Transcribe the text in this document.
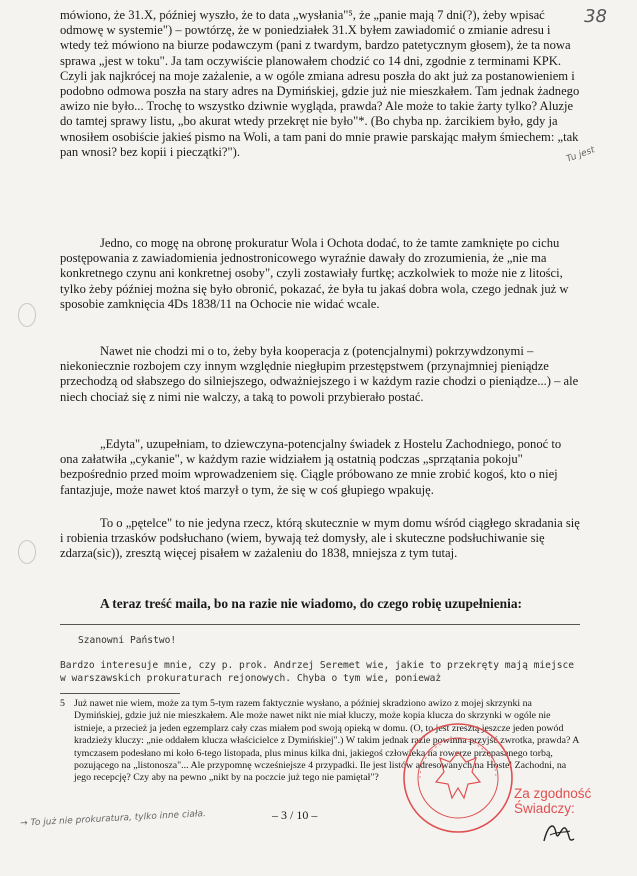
38
mówiono, że 31.X, później wyszło, że to data „wysłania"⁵, że „panie mają 7 dni(?), żeby wpisać odmowę w systemie") – powtórzę, że w poniedziałek 31.X byłem zawiadomić o zmianie adresu i wtedy też mówiono na biurze podawczym (pani z twardym, bardzo patetycznym głosem), że ta nowa sprawa „jest w toku". Ja tam oczywiście planowałem chodzić co 14 dni, zgodnie z terminami KPK. Czyli jak najkrócej na moje zażalenie, a w ogóle zmiana adresu poszła do akt już za postanowieniem i podobno odmowa poszła na stary adres na Dymińskiej, gdzie już nie mieszkałem. Tam jednak żadnego awizo nie było... Trochę to wszystko dziwnie wygląda, prawda? Ale może to takie żarty tylko? Aluzje do tamtej sprawy listu, „bo akurat wtedy przekręt nie było"*. (Bo chyba np. żarcikiem było, gdy ja wnosiłem osobiście jakieś pismo na Woli, a tam pani do mnie prawie parskając małym śmiechem: „tak pan wnosi? bez kopii i pieczątki?").
Jedno, co mogę na obronę prokuratur Wola i Ochota dodać, to że tamte zamknięte po cichu postępowania z zawiadomienia jednostronicowego wyraźnie dawały do zrozumienia, że „nie ma konkretnego czynu ani konkretnej osoby", czyli zostawiały furtkę; aczkolwiek to może nie z litości, tylko żeby później można się było obronić, pokazać, że była tu jakaś dobra wola, czego jednak już w sposobie zamknięcia 4Ds 1838/11 na Ochocie nie widać wcale.
Nawet nie chodzi mi o to, żeby była kooperacja z (potencjalnymi) pokrzywdzonymi – niekoniecznie rozbojem czy innym względnie niegłupim przestępstwem (przynajmniej pieniądze przechodzą od słabszego do silniejszego, odważniejszego i w każdym razie chodzi o pieniądze...) – ale niech chociaż się z nimi nie walczy, a taką to powoli przybierało postać.
„Edyta", uzupełniam, to dziewczyna-potencjalny świadek z Hostelu Zachodniego, ponoć to ona załatwiła „cykanie", w każdym razie widziałem ją ostatnią podczas „sprzątania pokoju" bezpośrednio przed moim wprowadzeniem się. Ciągle próbowano ze mnie zrobić kogoś, kto o niej fantazjuje, może nawet ktoś marzył o tym, że się w coś głupiego wpakuję.
To o „pętelce" to nie jedyna rzecz, którą skutecznie w mym domu wśród ciągłego skradania się i robienia trzasków podsłuchano (wiem, bywają też domysły, ale i skuteczne podsłuchiwanie się zdarza(sic)), zresztą więcej pisałem w zażaleniu do 1838, mniejsza z tym tutaj.
A teraz treść maila, bo na razie nie wiadomo, do czego robię uzupełnienia:
Szanowni Państwo!
Bardzo interesuje mnie, czy p. prok. Andrzej Seremet wie, jakie to przekręty mają miejsce w warszawskich prokuraturach rejonowych. Chyba o tym wie, ponieważ
5 Już nawet nie wiem, może za tym 5-tym razem faktycznie wysłano, a później skradziono awizo z mojej skrzynki na Dymińskiej, gdzie już nie mieszkałem. Ale może nawet nikt nie miał kluczy, może kopia klucza do skrzynki w ogóle nie istnieje, a przecież ja jeden egzemplarz cały czas miałem pod swoją opieką w domu. (O, to jest zresztą jeszcze jeden powód kradzieży kluczy: „nie oddałem klucza właścicielce z Dymińskiej".) W takim jednak razie powinna przyjść zwrotka, prawda? A tymczasem podesłano mi koło 6-tego listopada, plus minus kilka dni, jakiegoś człowieka na rowerze przepasanego torbą, pozującego na „listonosza"... Ale przypomnę wcześniejsze 4 przypadki. Ile jest listów adresowanych na Hostel Zachodni, na jego recepcję? Czy aby na pewno „nikt by na poczcie już tego nie pamiętał"?
Tu jest
→ To już nie prokuratura, tylko inne ciała.	– 3 / 10 –
Za zgodność Świadczy:
